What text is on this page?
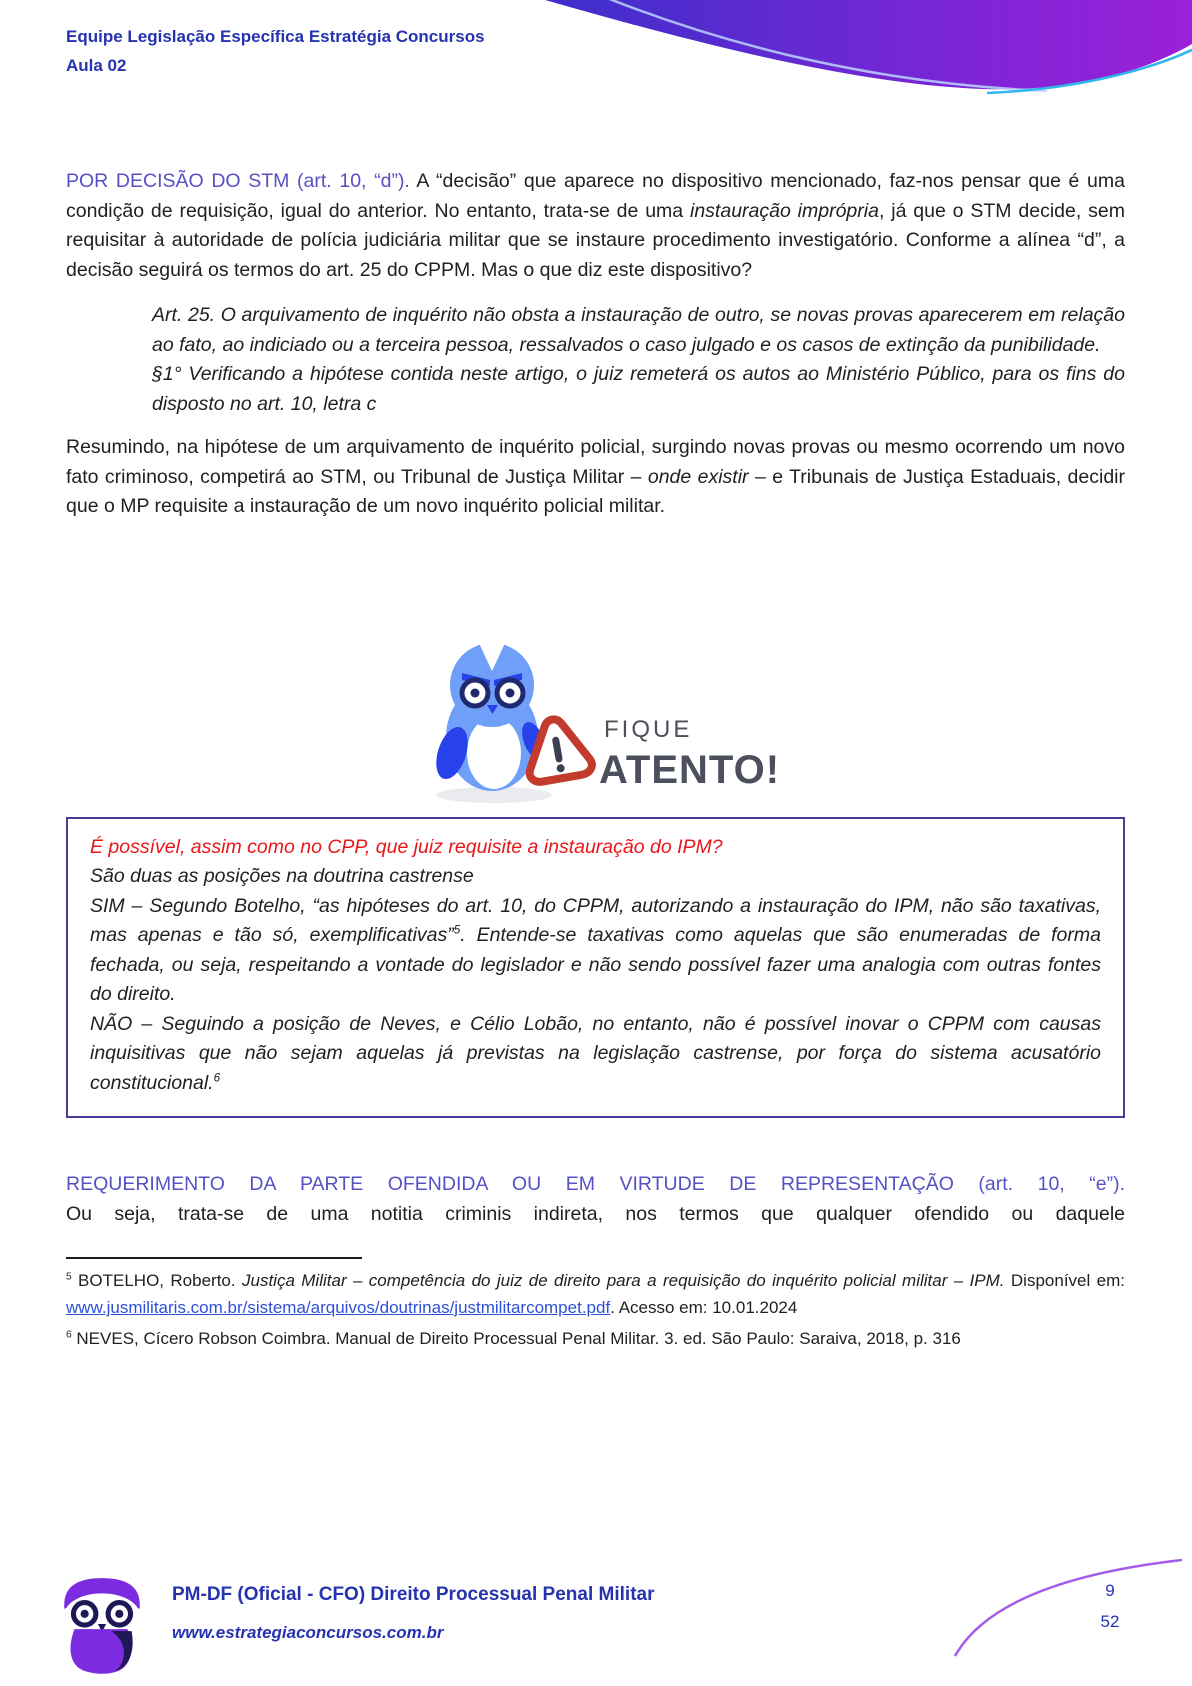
Equipe Legislação Específica Estratégia Concursos
Aula 02

POR DECISÃO DO STM (art. 10, “d”). A “decisão” que aparece no dispositivo mencionado, faz-nos pensar que é uma condição de requisição, igual do anterior. No entanto, trata-se de uma instauração imprópria, já que o STM decide, sem requisitar à autoridade de polícia judiciária militar que se instaure procedimento investigatório. Conforme a alínea “d”, a decisão seguirá os termos do art. 25 do CPPM. Mas o que diz este dispositivo?

Art. 25. O arquivamento de inquérito não obsta a instauração de outro, se novas provas aparecerem em relação ao fato, ao indiciado ou a terceira pessoa, ressalvados o caso julgado e os casos de extinção da punibilidade.

§1° Verificando a hipótese contida neste artigo, o juiz remeterá os autos ao Ministério Público, para os fins do disposto no art. 10, letra c

Resumindo, na hipótese de um arquivamento de inquérito policial, surgindo novas provas ou mesmo ocorrendo um novo fato criminoso, competirá ao STM, ou Tribunal de Justiça Militar – onde existir – e Tribunais de Justiça Estaduais, decidir que o MP requisite a instauração de um novo inquérito policial militar.

FIQUE
ATENTO!

É possível, assim como no CPP, que juiz requisite a instauração do IPM?

São duas as posições na doutrina castrense

SIM – Segundo Botelho, “as hipóteses do art. 10, do CPPM, autorizando a instauração do IPM, não são taxativas, mas apenas e tão só, exemplificativas”$^5$. Entende-se taxativas como aquelas que são enumeradas de forma fechada, ou seja, respeitando a vontade do legislador e não sendo possível fazer uma analogia com outras fontes do direito.

NÃO – Seguindo a posição de Neves, e Célio Lobão, no entanto, não é possível inovar o CPPM com causas inquisitivas que não sejam aquelas já previstas na legislação castrense, por força do sistema acusatório constitucional.$^6$

REQUERIMENTO DA PARTE OFENDIDA OU EM VIRTUDE DE REPRESENTAÇÃO (art. 10, “e”).

Ou seja, trata-se de uma notitia criminis indireta, nos termos que qualquer ofendido ou daquele

$^5$ BOTELHO, Roberto. Justiça Militar – competência do juiz de direito para a requisição do inquérito policial militar – IPM. Disponível em: www.jusmilitaris.com.br/sistema/arquivos/doutrinas/justmilitarcompet.pdf. Acesso em: 10.01.2024

$^6$ NEVES, Cícero Robson Coimbra. Manual de Direito Processual Penal Militar. 3. ed. São Paulo: Saraiva, 2018, p. 316

PM-DF (Oficial - CFO) Direito Processual Penal Militar
www.estrategiaconcursos.com.br
9
52
